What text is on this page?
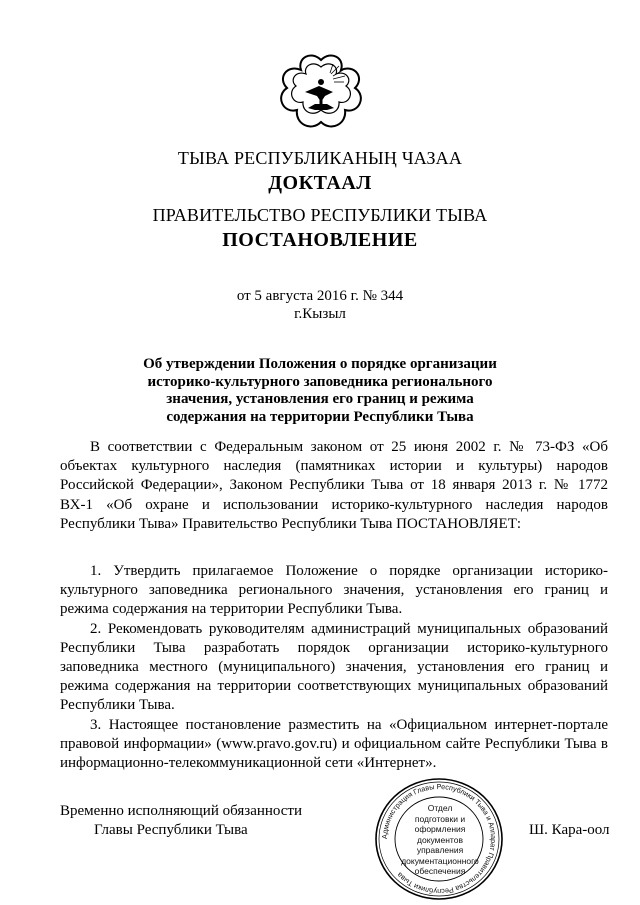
ТЫВА РЕСПУБЛИКАНЫҢ ЧАЗАА
ДОКТААЛ
ПРАВИТЕЛЬСТВО РЕСПУБЛИКИ ТЫВА
ПОСТАНОВЛЕНИЕ
от 5 августа 2016 г. № 344
г.Кызыл
Об утверждении Положения о порядке организации
историко-культурного заповедника регионального
значения, установления его границ и режима
содержания на территории Республики Тыва

В соответствии с Федеральным законом от 25 июня 2002 г. № 73-ФЗ «Об объектах культурного наследия (памятниках истории и культуры) народов Российской Федерации», Законом Республики Тыва от 18 января 2013 г. № 1772 ВХ-1 «Об охране и использовании историко-культурного наследия народов Республики Тыва» Правительство Республики Тыва ПОСТАНОВЛЯЕТ:

1. Утвердить прилагаемое Положение о порядке организации историко-культурного заповедника регионального значения, установления его границ и режима содержания на территории Республики Тыва.

2. Рекомендовать руководителям администраций муниципальных образований Республики Тыва разработать порядок организации историко-культурного заповедника местного (муниципального) значения, установления его границ и режима содержания на территории соответствующих муниципальных образований Республики Тыва.

3. Настоящее постановление разместить на «Официальном интернет-портале правовой информации» (www.pravo.gov.ru) и официальном сайте Республики Тыва в информационно-телекоммуникационной сети «Интернет».

Временно исполняющий обязанности
Главы Республики Тыва	Администрация Главы Республики Тыва и Аппарат Правительства Республики Тыва
Отдел
подготовки и
оформления документов
управления
документационного
обеспечения
Ш. Кара-оол
